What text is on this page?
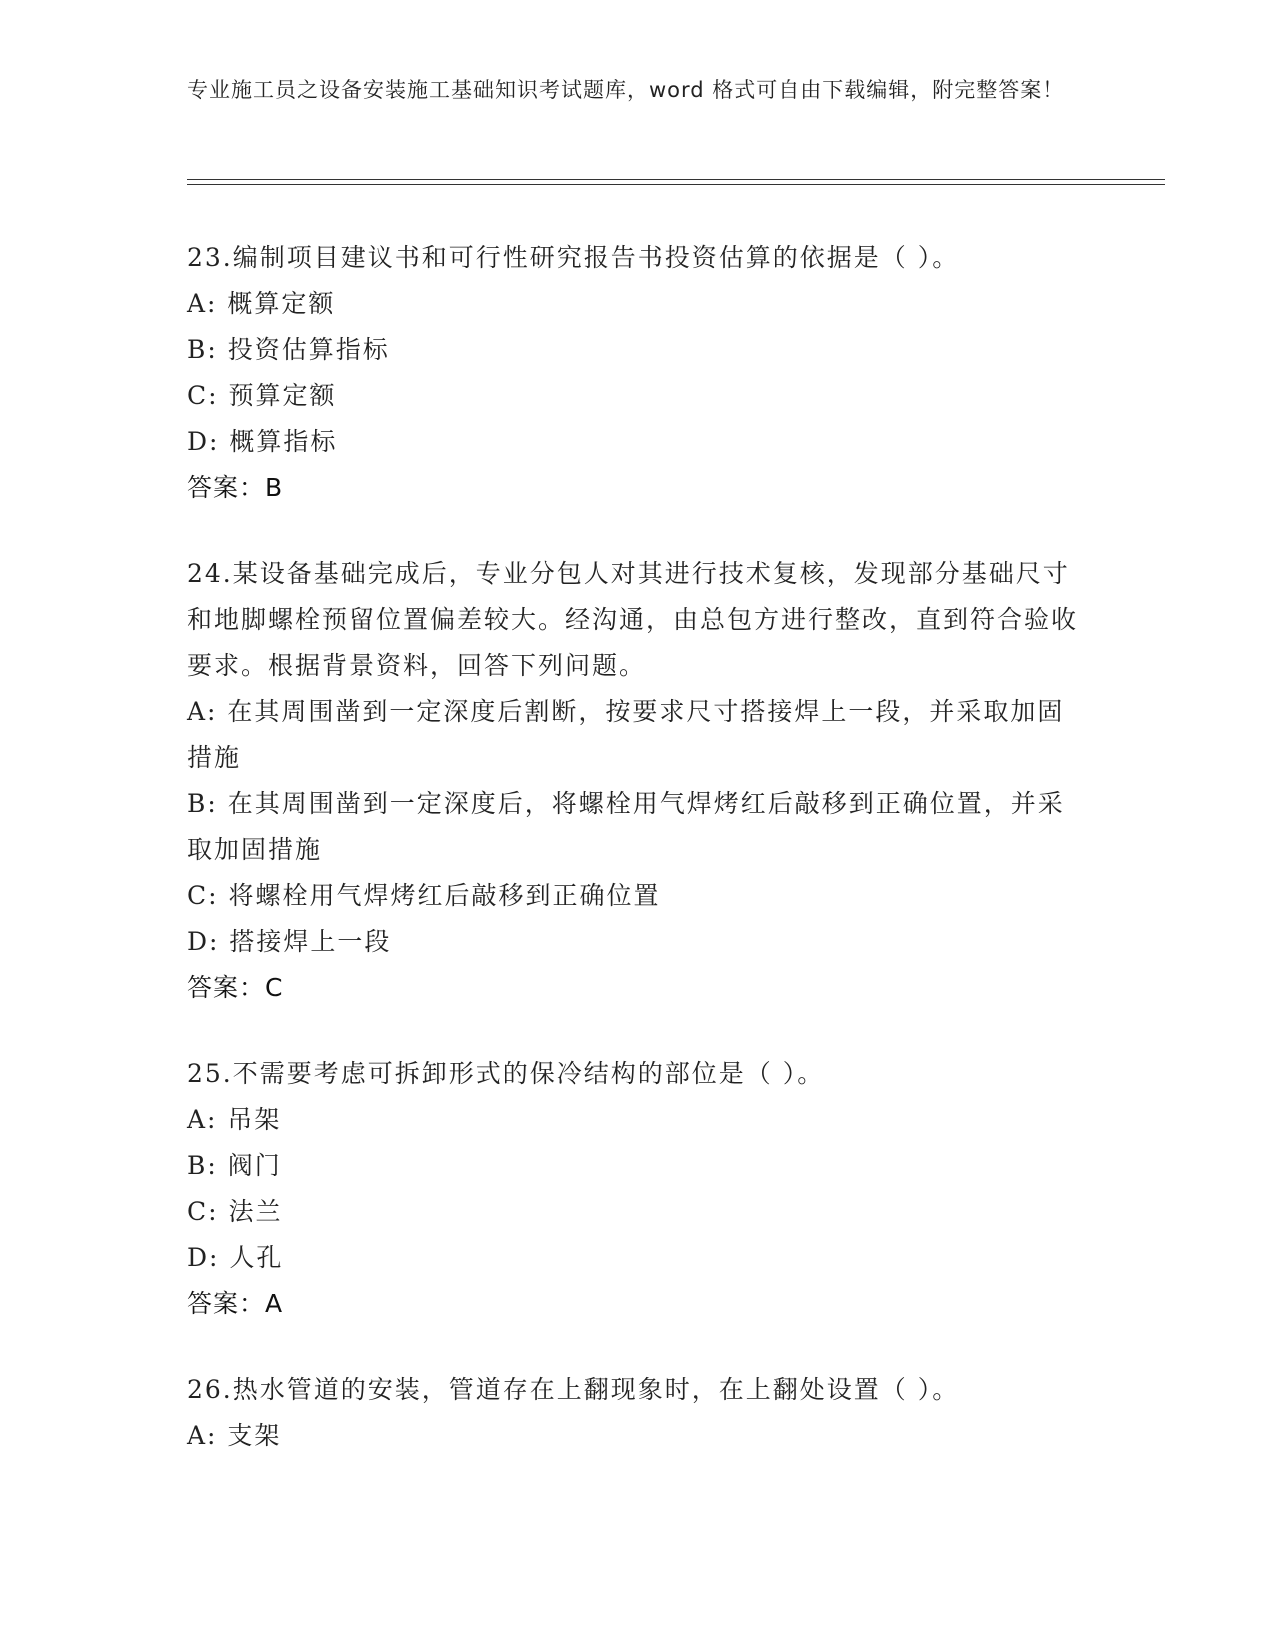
专业施工员之设备安装施工基础知识考试题库，word 格式可自由下载编辑，附完整答案！

23.编制项目建议书和可行性研究报告书投资估算的依据是（ ）。

A: 概算定额

B: 投资估算指标

C: 预算定额

D: 概算指标

答案：B

24.某设备基础完成后，专业分包人对其进行技术复核，发现部分基础尺寸和地脚螺栓预留位置偏差较大。经沟通，由总包方进行整改，直到符合验收要求。根据背景资料，回答下列问题。

A: 在其周围凿到一定深度后割断，按要求尺寸搭接焊上一段，并采取加固措施

B: 在其周围凿到一定深度后，将螺栓用气焊烤红后敲移到正确位置，并采取加固措施

C: 将螺栓用气焊烤红后敲移到正确位置

D: 搭接焊上一段

答案：C

25.不需要考虑可拆卸形式的保冷结构的部位是（ ）。

A: 吊架

B: 阀门

C: 法兰

D: 人孔

答案：A

26.热水管道的安装，管道存在上翻现象时，在上翻处设置（ ）。

A: 支架
